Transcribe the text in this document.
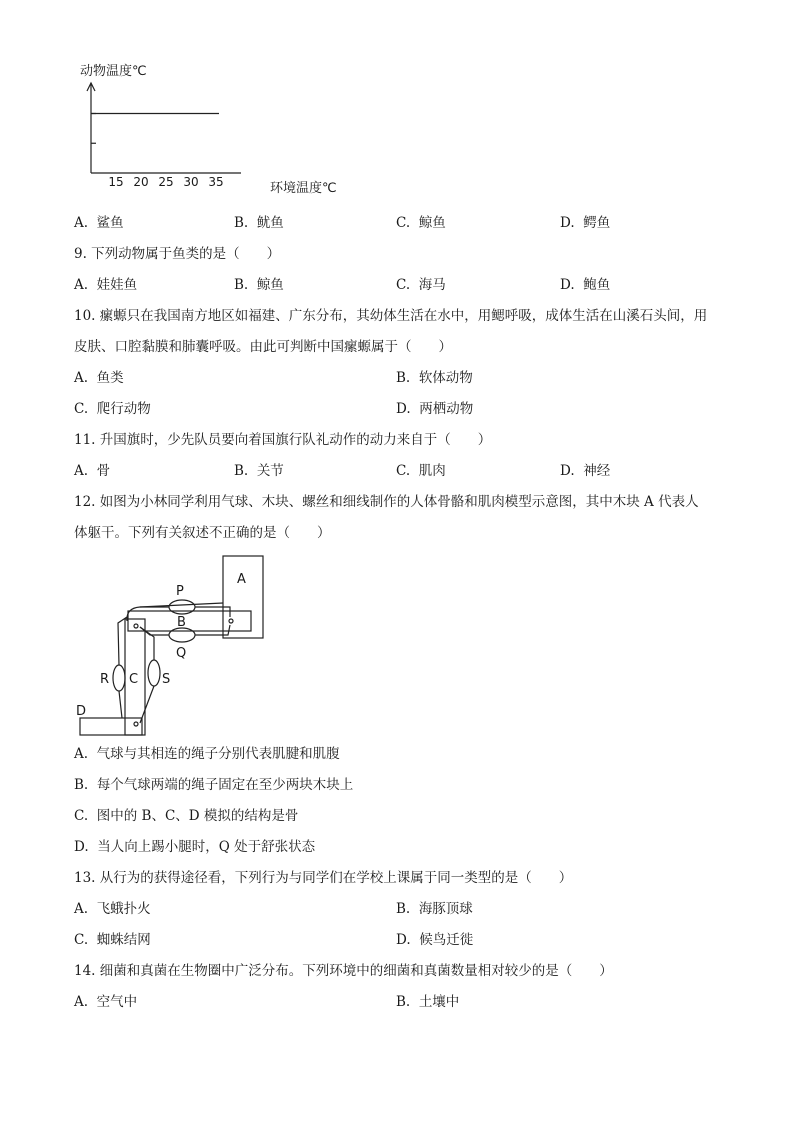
动物温度℃
环境温度℃
15 20 25 30 35
A. 鲨鱼	B. 鱿鱼	C. 鲸鱼	D. 鳄鱼
9. 下列动物属于鱼类的是（　　）
A. 娃娃鱼	B. 鲸鱼	C. 海马	D. 鲍鱼
10. 瘰螈只在我国南方地区如福建、广东分布，其幼体生活在水中，用鳃呼吸，成体生活在山溪石头间，用
皮肤、口腔黏膜和肺囊呼吸。由此可判断中国瘰螈属于（　　）
A. 鱼类	B. 软体动物
C. 爬行动物	D. 两栖动物
11. 升国旗时，少先队员要向着国旗行队礼动作的动力来自于（　　）
A. 骨	B. 关节	C. 肌肉	D. 神经
12. 如图为小林同学利用气球、木块、螺丝和细线制作的人体骨骼和肌肉模型示意图，其中木块 A 代表人
体躯干。下列有关叙述不正确的是（　　）
A
P
B
Q
R C S
D
A. 气球与其相连的绳子分别代表肌腱和肌腹
B. 每个气球两端的绳子固定在至少两块木块上
C. 图中的 B、C、D 模拟的结构是骨
D. 当人向上踢小腿时，Q 处于舒张状态
13. 从行为的获得途径看，下列行为与同学们在学校上课属于同一类型的是（　　）
A. 飞蛾扑火	B. 海豚顶球
C. 蜘蛛结网	D. 候鸟迁徙
14. 细菌和真菌在生物圈中广泛分布。下列环境中的细菌和真菌数量相对较少的是（　　）
A. 空气中	B. 土壤中
